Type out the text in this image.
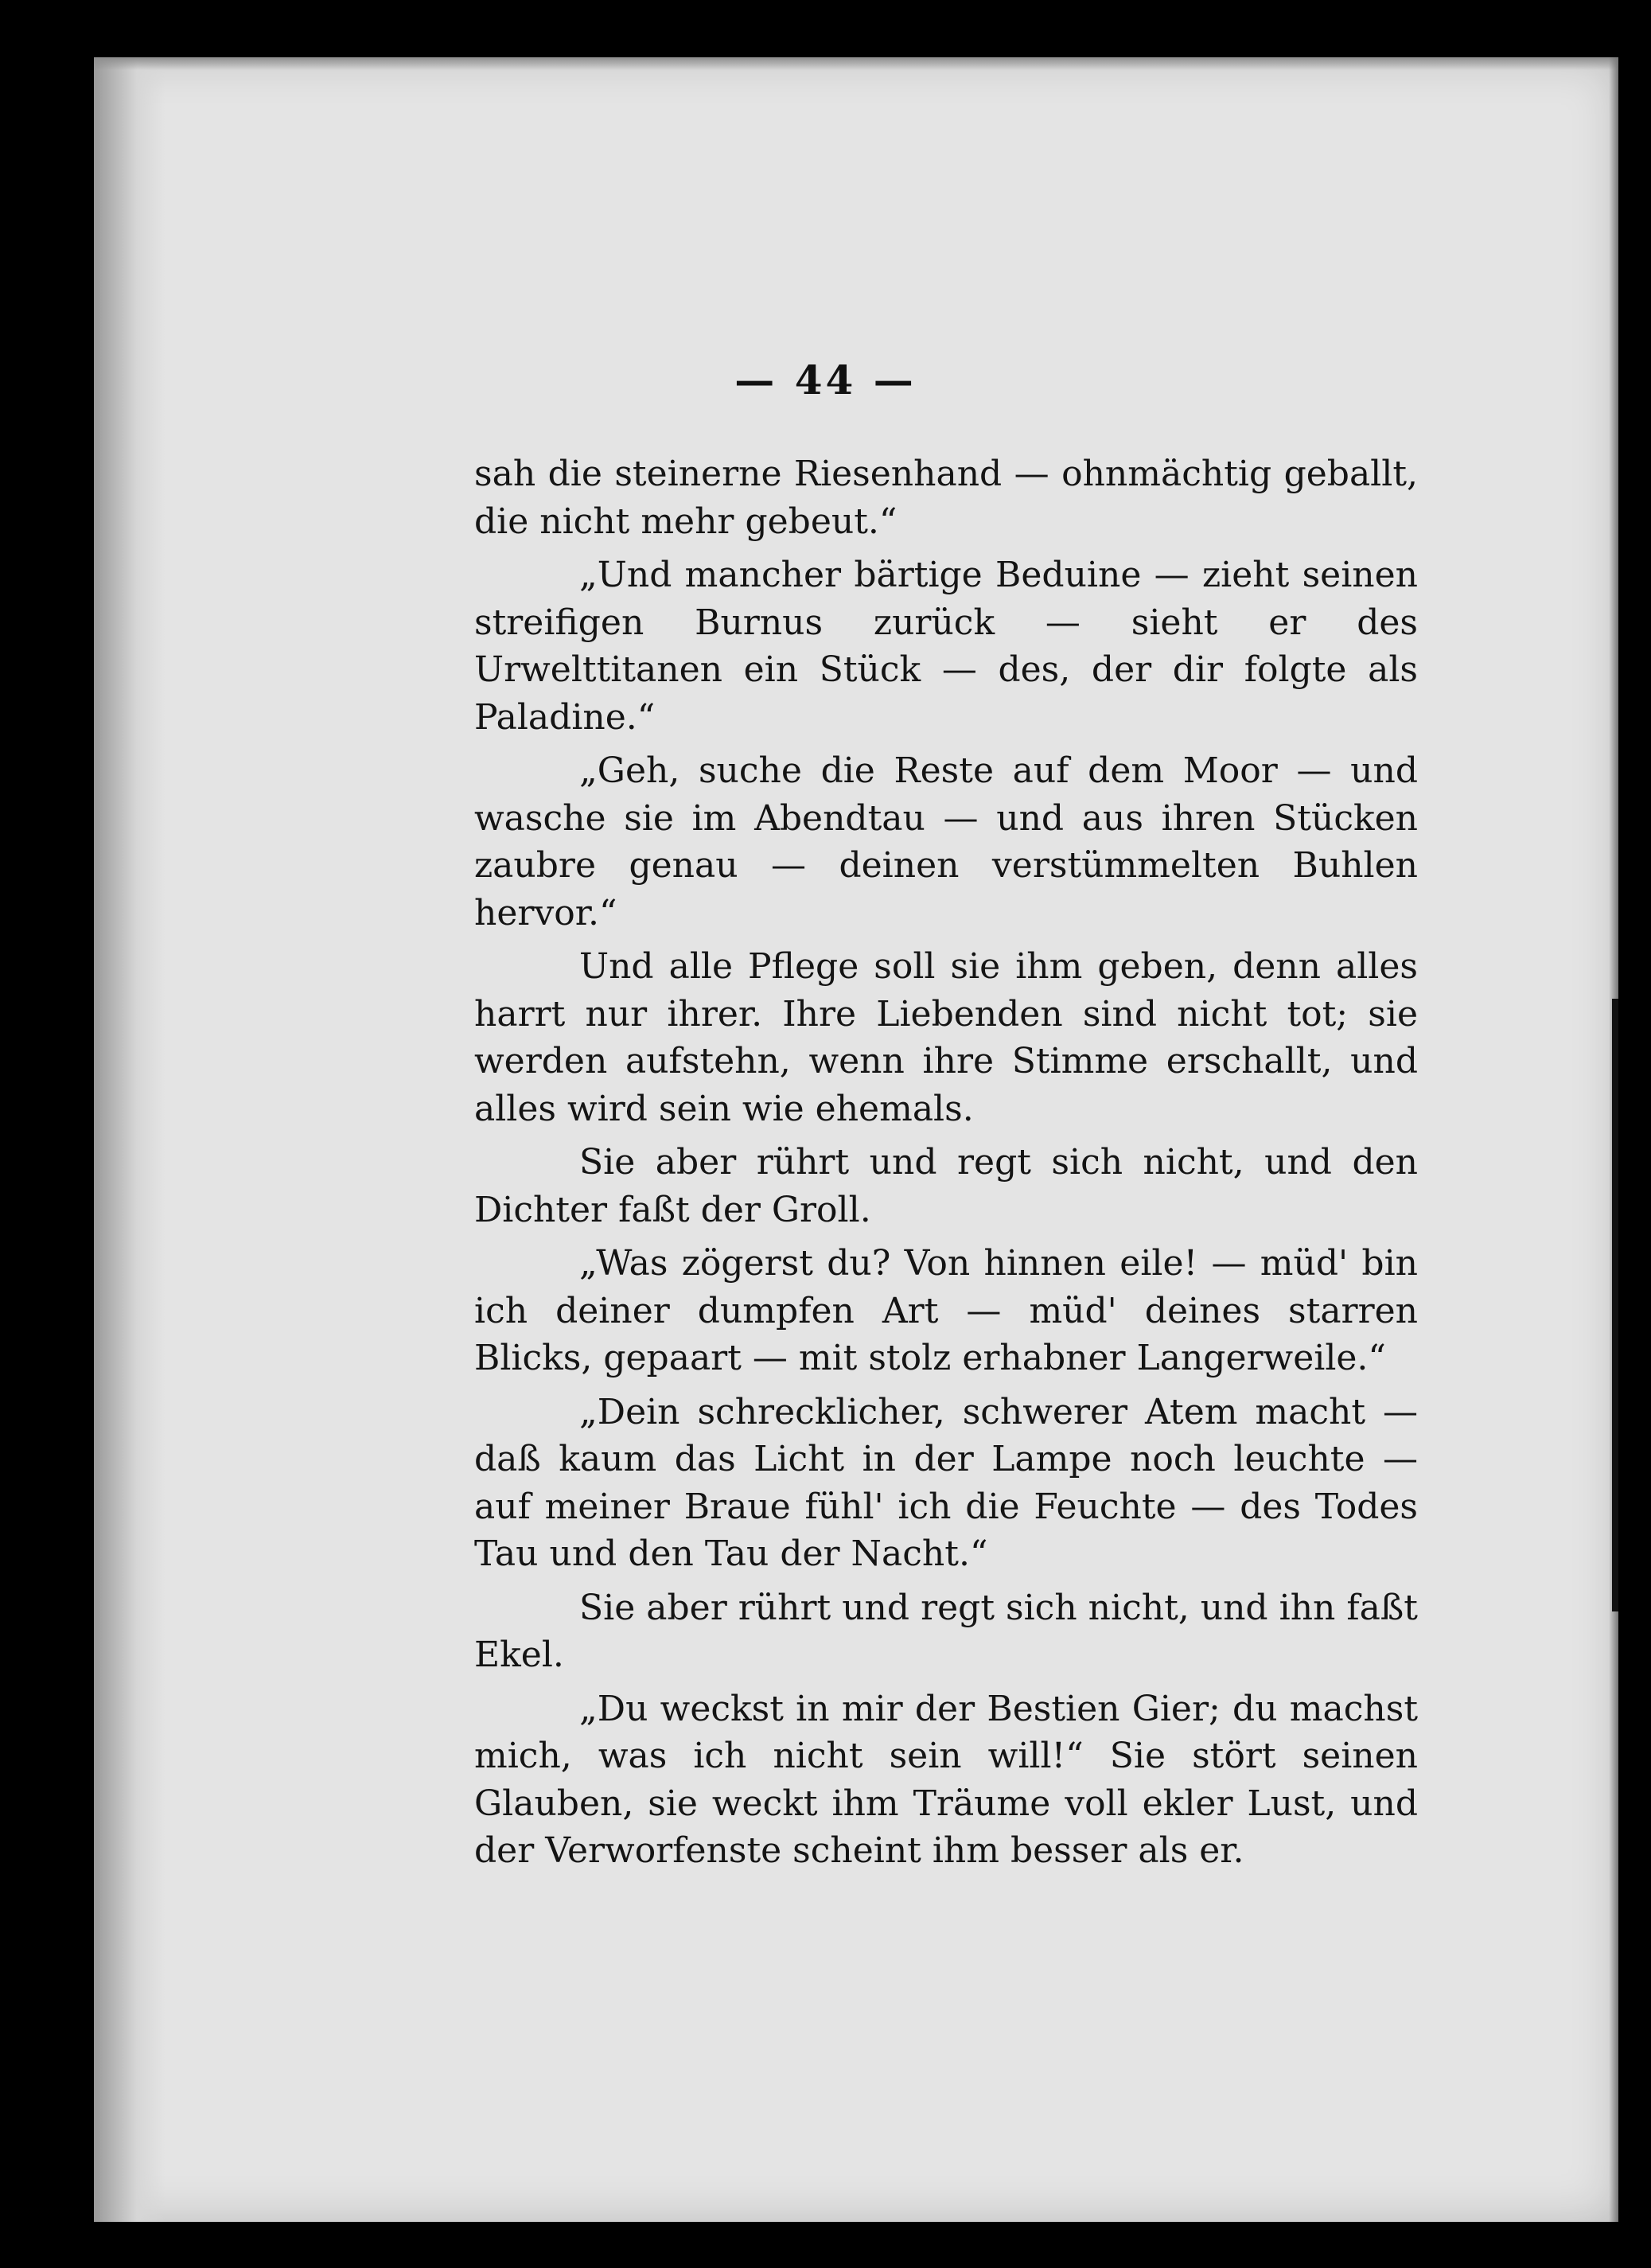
— 44 —

sah die steinerne Riesenhand — ohnmächtig geballt, die nicht mehr gebeut.“

„Und mancher bärtige Beduine — zieht seinen streifigen Burnus zurück — sieht er des Urwelttitanen ein Stück — des, der dir folgte als Paladine.“

„Geh, suche die Reste auf dem Moor — und wasche sie im Abendtau — und aus ihren Stücken zaubre genau — deinen verstümmelten Buhlen hervor.“

Und alle Pflege soll sie ihm geben, denn alles harrt nur ihrer. Ihre Liebenden sind nicht tot; sie werden aufstehn, wenn ihre Stimme erschallt, und alles wird sein wie ehemals.

Sie aber rührt und regt sich nicht, und den Dichter faßt der Groll.

„Was zögerst du? Von hinnen eile! — müd' bin ich deiner dumpfen Art — müd' deines starren Blicks, gepaart — mit stolz erhabner Langerweile.“

„Dein schrecklicher, schwerer Atem macht — daß kaum das Licht in der Lampe noch leuchte — auf meiner Braue fühl' ich die Feuchte — des Todes Tau und den Tau der Nacht.“

Sie aber rührt und regt sich nicht, und ihn faßt Ekel.

„Du weckst in mir der Bestien Gier; du machst mich, was ich nicht sein will!“ Sie stört seinen Glauben, sie weckt ihm Träume voll ekler Lust, und der Verworfenste scheint ihm besser als er.
